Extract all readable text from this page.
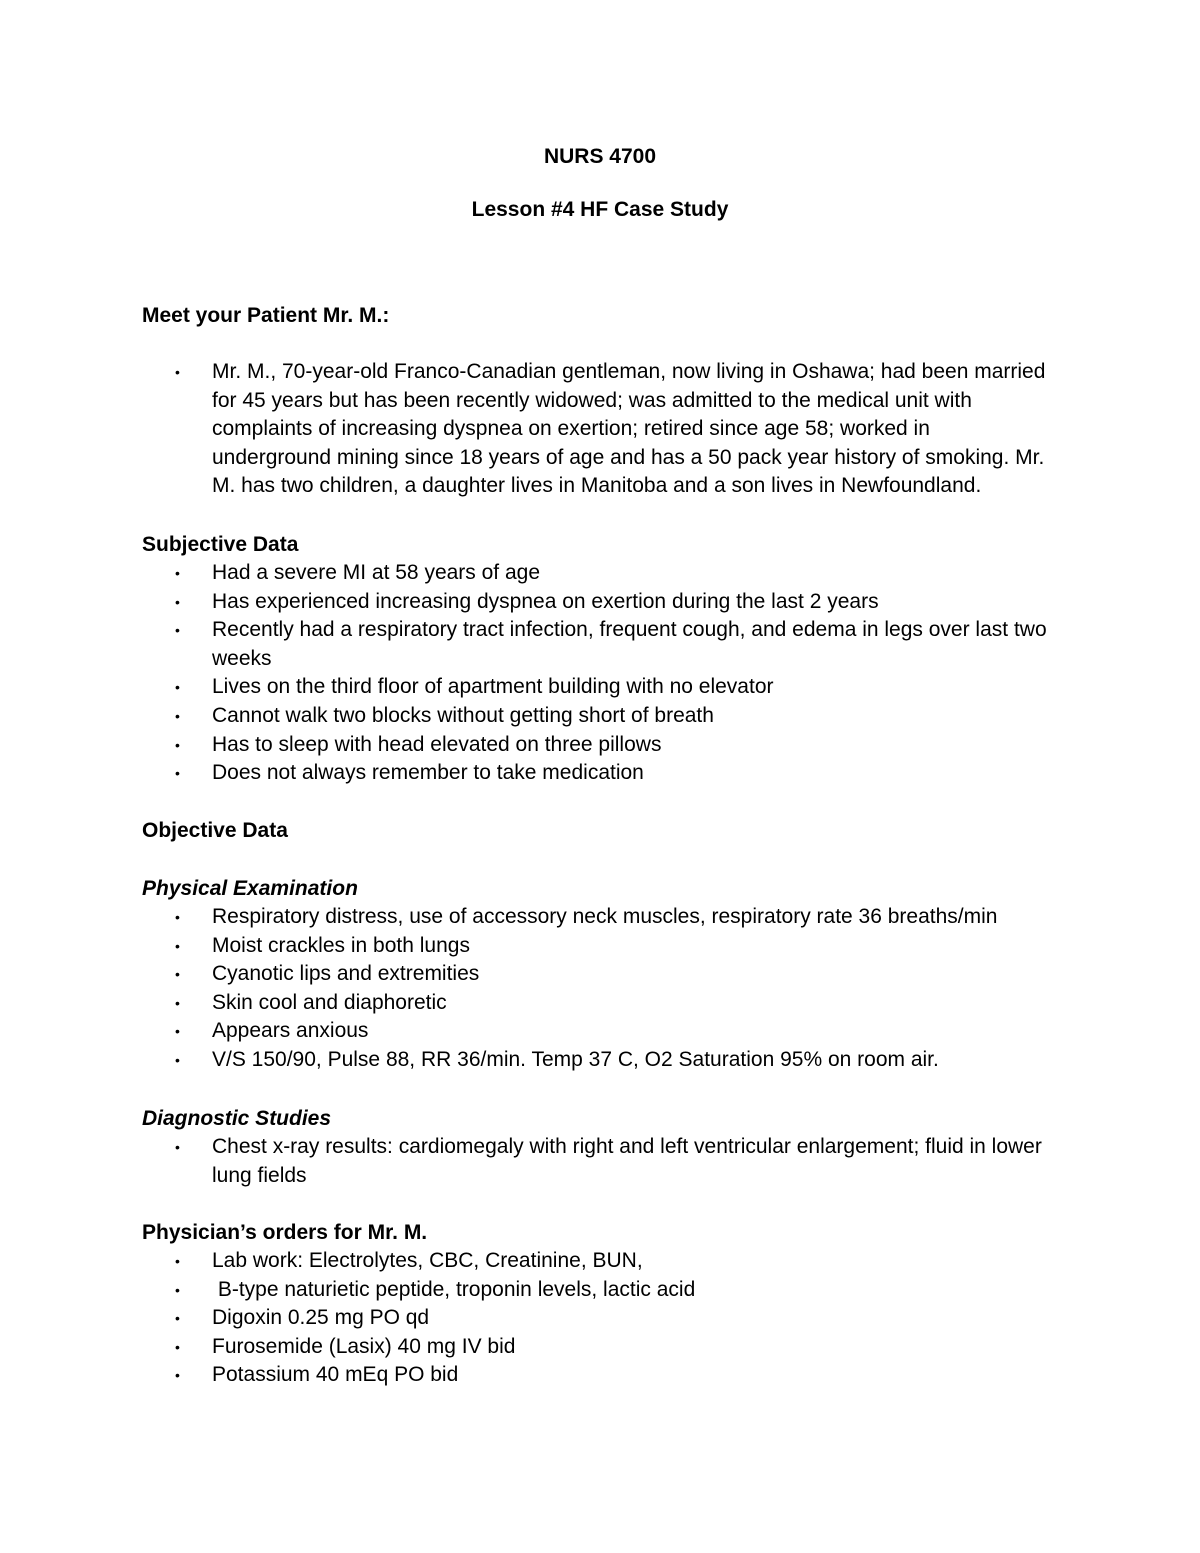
NURS 4700

Lesson #4 HF Case Study

Meet your Patient Mr. M.:

• Mr. M., 70-year-old Franco-Canadian gentleman, now living in Oshawa; had been married for 45 years but has been recently widowed; was admitted to the medical unit with complaints of increasing dyspnea on exertion; retired since age 58; worked in underground mining since 18 years of age and has a 50 pack year history of smoking. Mr. M. has two children, a daughter lives in Manitoba and a son lives in Newfoundland.

Subjective Data

• Had a severe MI at 58 years of age
• Has experienced increasing dyspnea on exertion during the last 2 years
• Recently had a respiratory tract infection, frequent cough, and edema in legs over last two weeks
• Lives on the third floor of apartment building with no elevator
• Cannot walk two blocks without getting short of breath
• Has to sleep with head elevated on three pillows
• Does not always remember to take medication

Objective Data

Physical Examination

• Respiratory distress, use of accessory neck muscles, respiratory rate 36 breaths/min
• Moist crackles in both lungs
• Cyanotic lips and extremities
• Skin cool and diaphoretic
• Appears anxious
• V/S 150/90, Pulse 88, RR 36/min. Temp 37 C, O2 Saturation 95% on room air.

Diagnostic Studies

• Chest x-ray results: cardiomegaly with right and left ventricular enlargement; fluid in lower lung fields

Physician’s orders for Mr. M.

• Lab work: Electrolytes, CBC, Creatinine, BUN,
• B-type naturietic peptide, troponin levels, lactic acid
• Digoxin 0.25 mg PO qd
• Furosemide (Lasix) 40 mg IV bid
• Potassium 40 mEq PO bid
